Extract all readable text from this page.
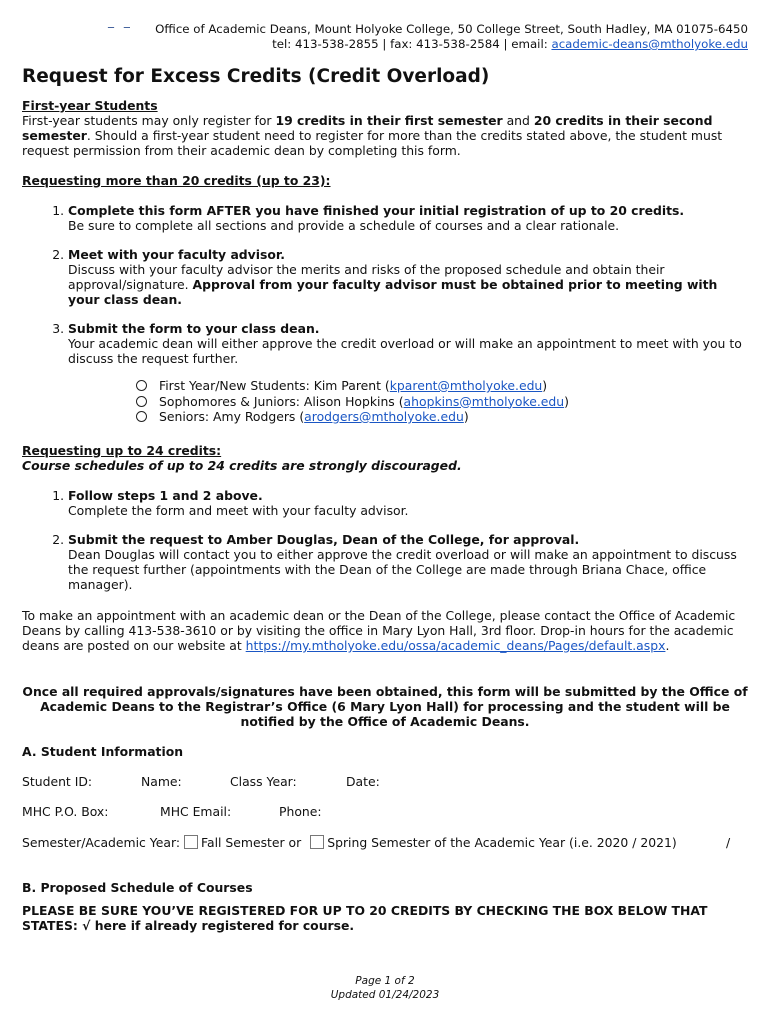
_ _
Office of Academic Deans, Mount Holyoke College, 50 College Street, South Hadley, MA 01075-6450
tel: 413-538-2855 | fax: 413-538-2584 | email: academic-deans@mtholyoke.edu
Request for Excess Credits (Credit Overload)
First-year Students
First-year students may only register for 19 credits in their first semester and 20 credits in their second semester. Should a first-year student need to register for more than the credits stated above, the student must request permission from their academic dean by completing this form.
Requesting more than 20 credits (up to 23):
1. Complete this form AFTER you have finished your initial registration of up to 20 credits.
Be sure to complete all sections and provide a schedule of courses and a clear rationale.
2. Meet with your faculty advisor.
Discuss with your faculty advisor the merits and risks of the proposed schedule and obtain their approval/signature. Approval from your faculty advisor must be obtained prior to meeting with your class dean.
3. Submit the form to your class dean.
Your academic dean will either approve the credit overload or will make an appointment to meet with you to discuss the request further.
First Year/New Students: Kim Parent (kparent@mtholyoke.edu)
Sophomores & Juniors: Alison Hopkins (ahopkins@mtholyoke.edu)
Seniors: Amy Rodgers (arodgers@mtholyoke.edu)
Requesting up to 24 credits:
Course schedules of up to 24 credits are strongly discouraged.
1. Follow steps 1 and 2 above.
Complete the form and meet with your faculty advisor.
2. Submit the request to Amber Douglas, Dean of the College, for approval.
Dean Douglas will contact you to either approve the credit overload or will make an appointment to discuss the request further (appointments with the Dean of the College are made through Briana Chace, office manager).
To make an appointment with an academic dean or the Dean of the College, please contact the Office of Academic Deans by calling 413-538-3610 or by visiting the office in Mary Lyon Hall, 3rd floor. Drop-in hours for the academic deans are posted on our website at https://my.mtholyoke.edu/ossa/academic_deans/Pages/default.aspx.
Once all required approvals/signatures have been obtained, this form will be submitted by the Office of Academic Deans to the Registrar’s Office (6 Mary Lyon Hall) for processing and the student will be notified by the Office of Academic Deans.
A. Student Information
Student ID:	Name:	Class Year:	Date:
MHC P.O. Box:	MHC Email:	Phone:
Semester/Academic Year: Fall Semester or Spring Semester of the Academic Year (i.e. 2020 / 2021)	/
B. Proposed Schedule of Courses
PLEASE BE SURE YOU’VE REGISTERED FOR UP TO 20 CREDITS BY CHECKING THE BOX BELOW THAT STATES: √ here if already registered for course.
Page 1 of 2
Updated 01/24/2023
